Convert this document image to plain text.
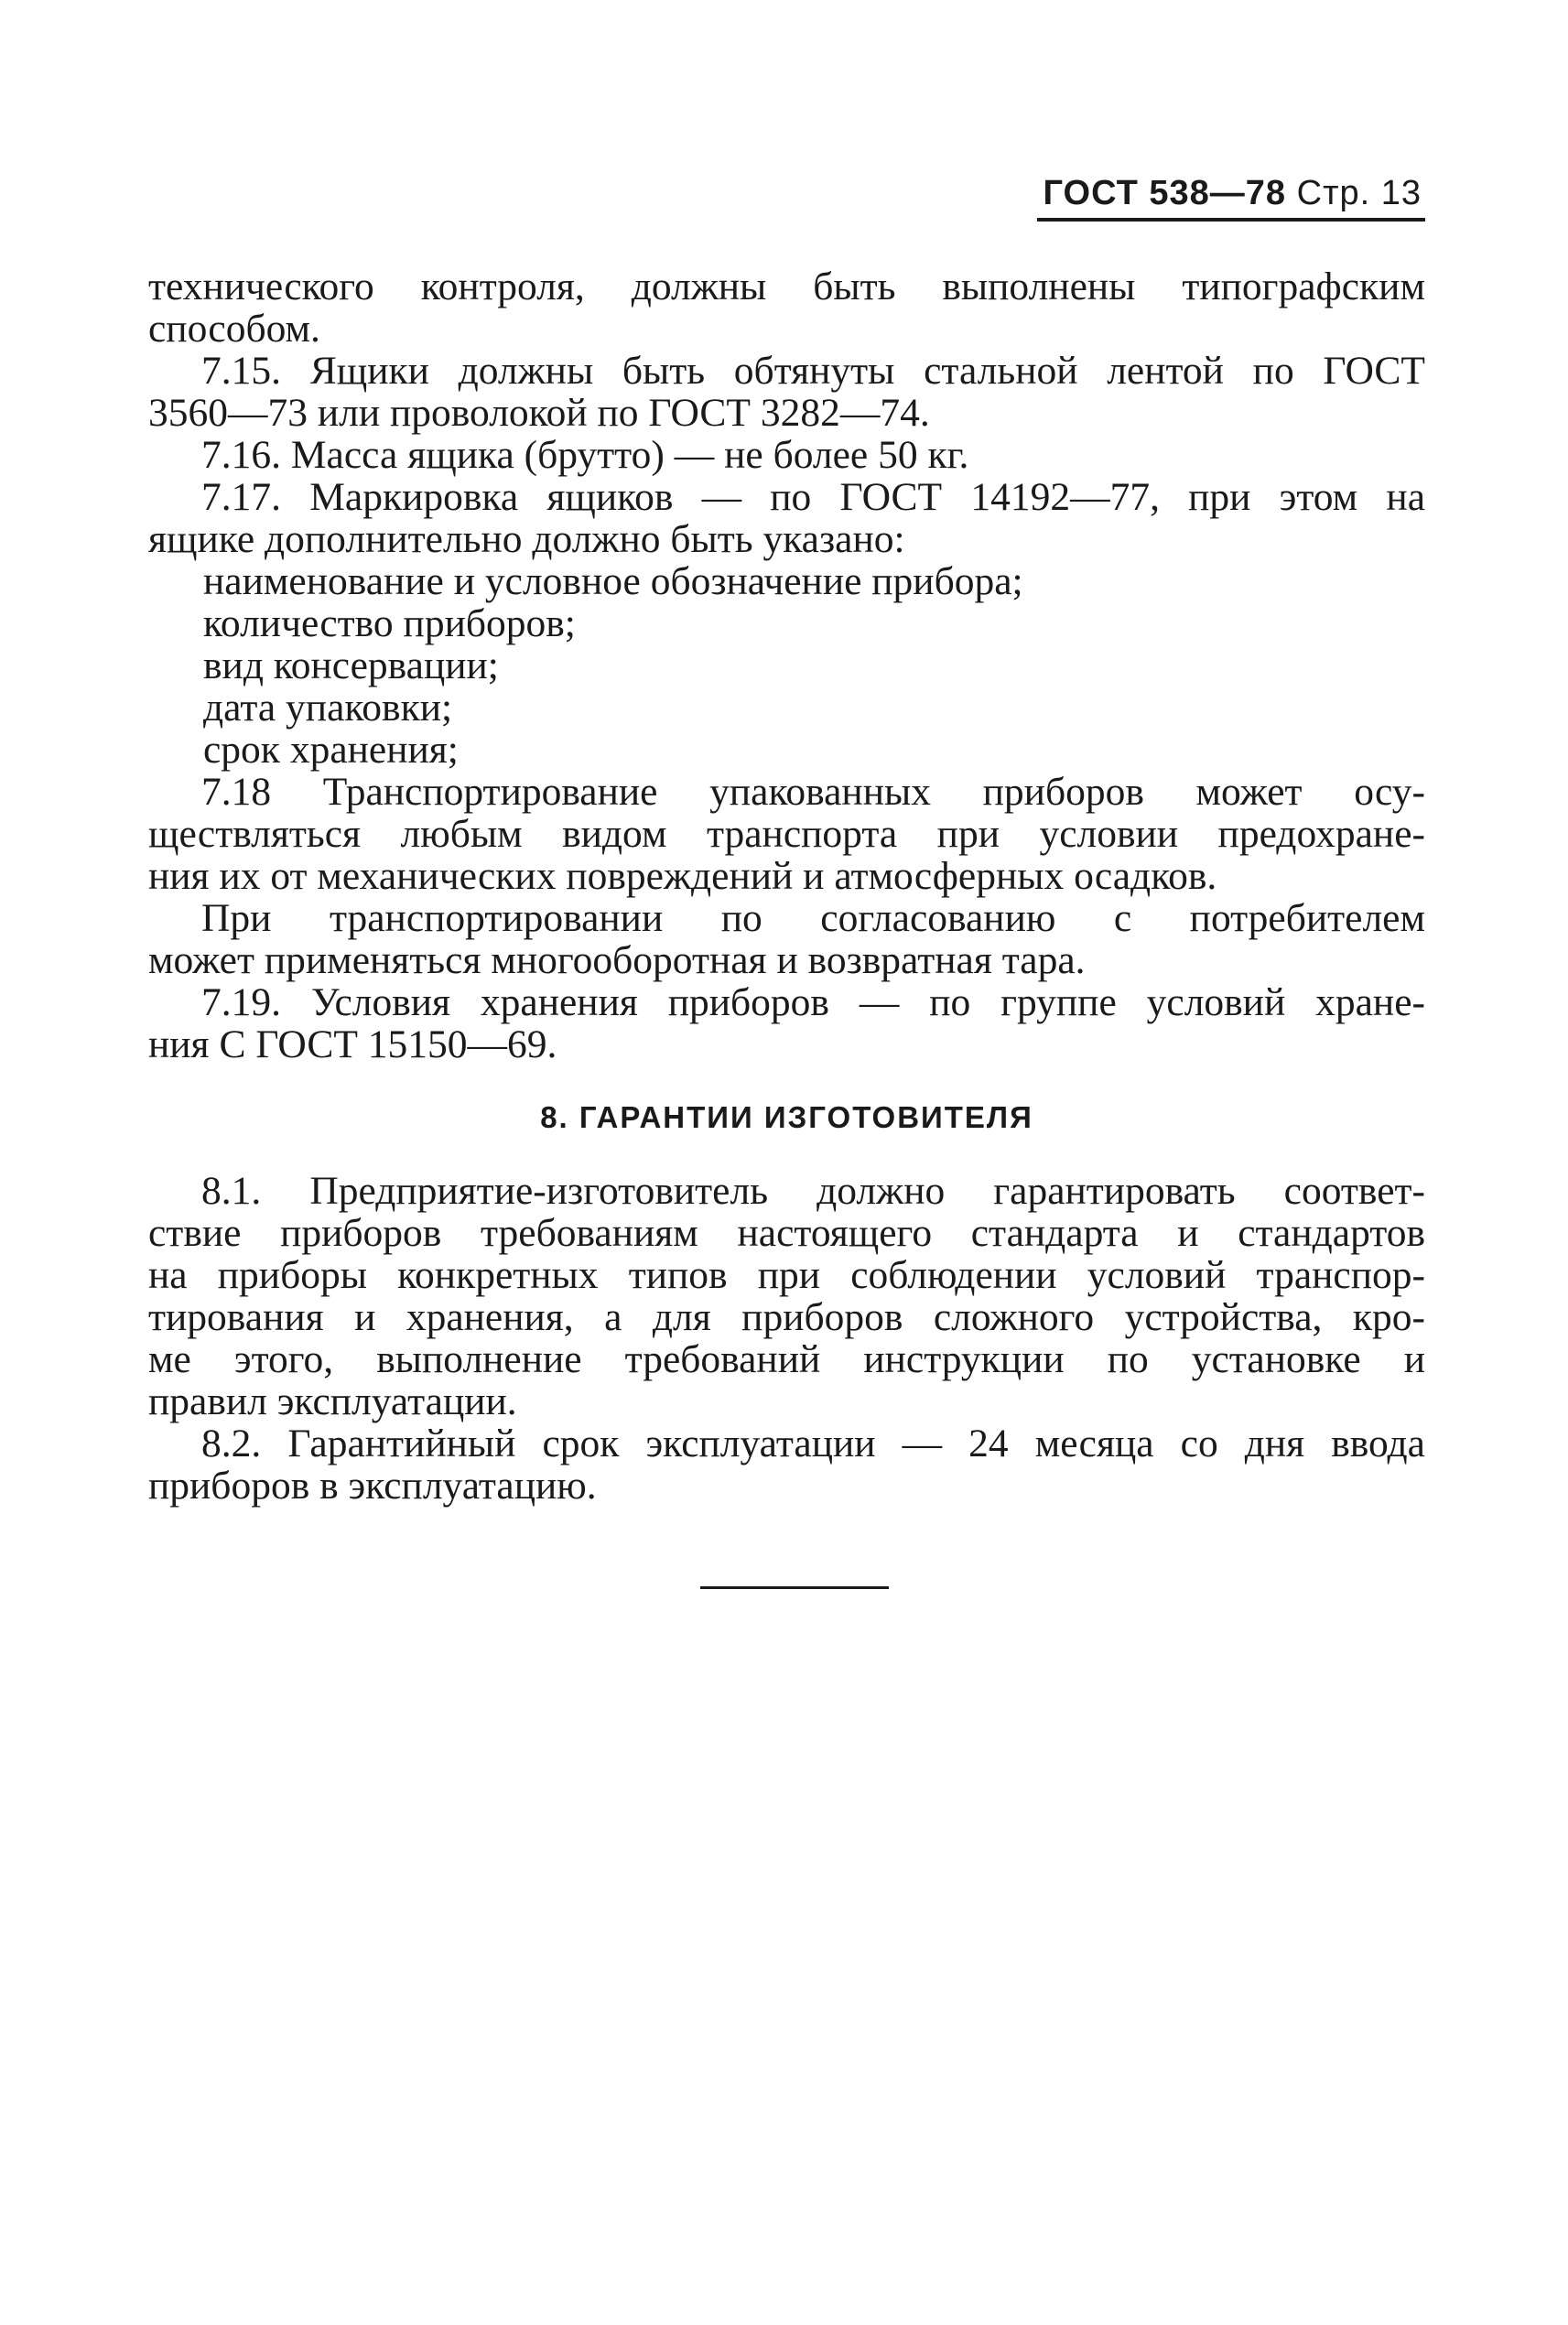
ГОСТ 538—78 Стр. 13
технического контроля, должны быть выполнены типографским
способом.
7.15. Ящики должны быть обтянуты стальной лентой по ГОСТ
3560—73 или проволокой по ГОСТ 3282—74.
7.16. Масса ящика (брутто) — не более 50 кг.
7.17. Маркировка ящиков — по ГОСТ 14192—77, при этом на
ящике дополнительно должно быть указано:
наименование и условное обозначение прибора;
количество приборов;
вид консервации;
дата упаковки;
срок хранения;
7.18 Транспортирование упакованных приборов может осу-
ществляться любым видом транспорта при условии предохране-
ния их от механических повреждений и атмосферных осадков.
При транспортировании по согласованию с потребителем
может применяться многооборотная и возвратная тара.
7.19. Условия хранения приборов — по группе условий хране-
ния С ГОСТ 15150—69.
8. ГАРАНТИИ ИЗГОТОВИТЕЛЯ
8.1. Предприятие-изготовитель должно гарантировать соответ-
ствие приборов требованиям настоящего стандарта и стандартов
на приборы конкретных типов при соблюдении условий транспор-
тирования и хранения, а для приборов сложного устройства, кро-
ме этого, выполнение требований инструкции по установке и
правил эксплуатации.
8.2. Гарантийный срок эксплуатации — 24 месяца со дня ввода
приборов в эксплуатацию.
